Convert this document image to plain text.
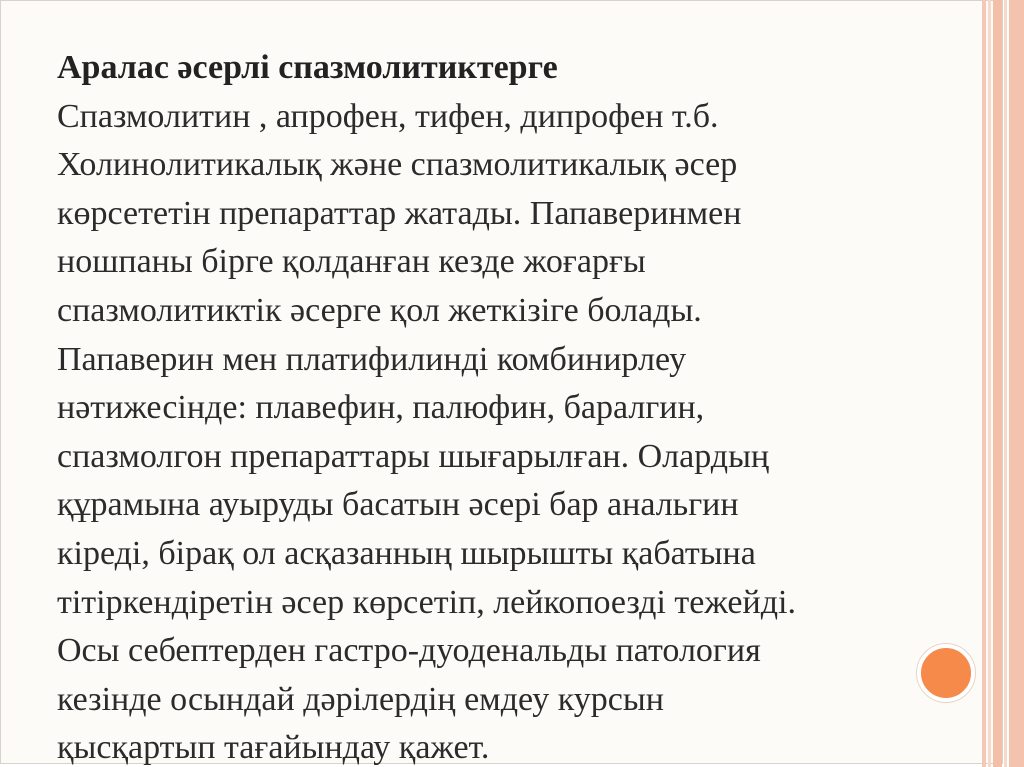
Аралас әсерлі спазмолитиктерге
Спазмолитин , апрофен, тифен, дипрофен т.б.
Холинолитикалық және спазмолитикалық әсер
көрсететін препараттар жатады. Папаверинмен
ношпаны бірге қолданған кезде жоғарғы
спазмолитиктік әсерге қол жеткізіге болады.
Папаверин мен платифилинді комбинирлеу
нәтижесінде: плавефин, палюфин, баралгин,
спазмолгон препараттары шығарылған. Олардың
құрамына ауыруды басатын әсері бар анальгин
кіреді, бірақ ол асқазанның шырышты қабатына
тітіркендіретін әсер көрсетіп, лейкопоезді тежейді.
Осы себептерден гастро-дуоденальды патология
кезінде осындай дәрілердің емдеу курсын
қысқартып тағайындау қажет.
